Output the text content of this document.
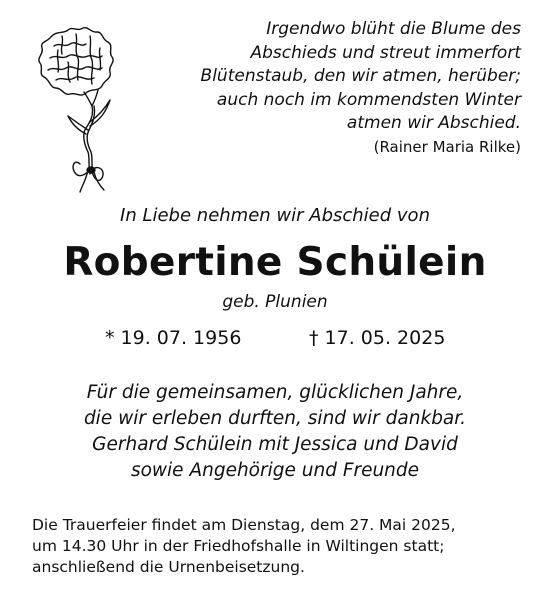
Irgendwo blüht die Blume des
Abschieds und streut immerfort
Blütenstaub, den wir atmen, herüber;
auch noch im kommendsten Winter
atmen wir Abschied.
(Rainer Maria Rilke)
In Liebe nehmen wir Abschied von
Robertine Schülein
geb. Plunien
* 19. 07. 1956	† 17. 05. 2025
Für die gemeinsamen, glücklichen Jahre,
die wir erleben durften, sind wir dankbar.
Gerhard Schülein mit Jessica und David
sowie Angehörige und Freunde
Die Trauerfeier findet am Dienstag, dem 27. Mai 2025,
um 14.30 Uhr in der Friedhofshalle in Wiltingen statt;
anschließend die Urnenbeisetzung.
